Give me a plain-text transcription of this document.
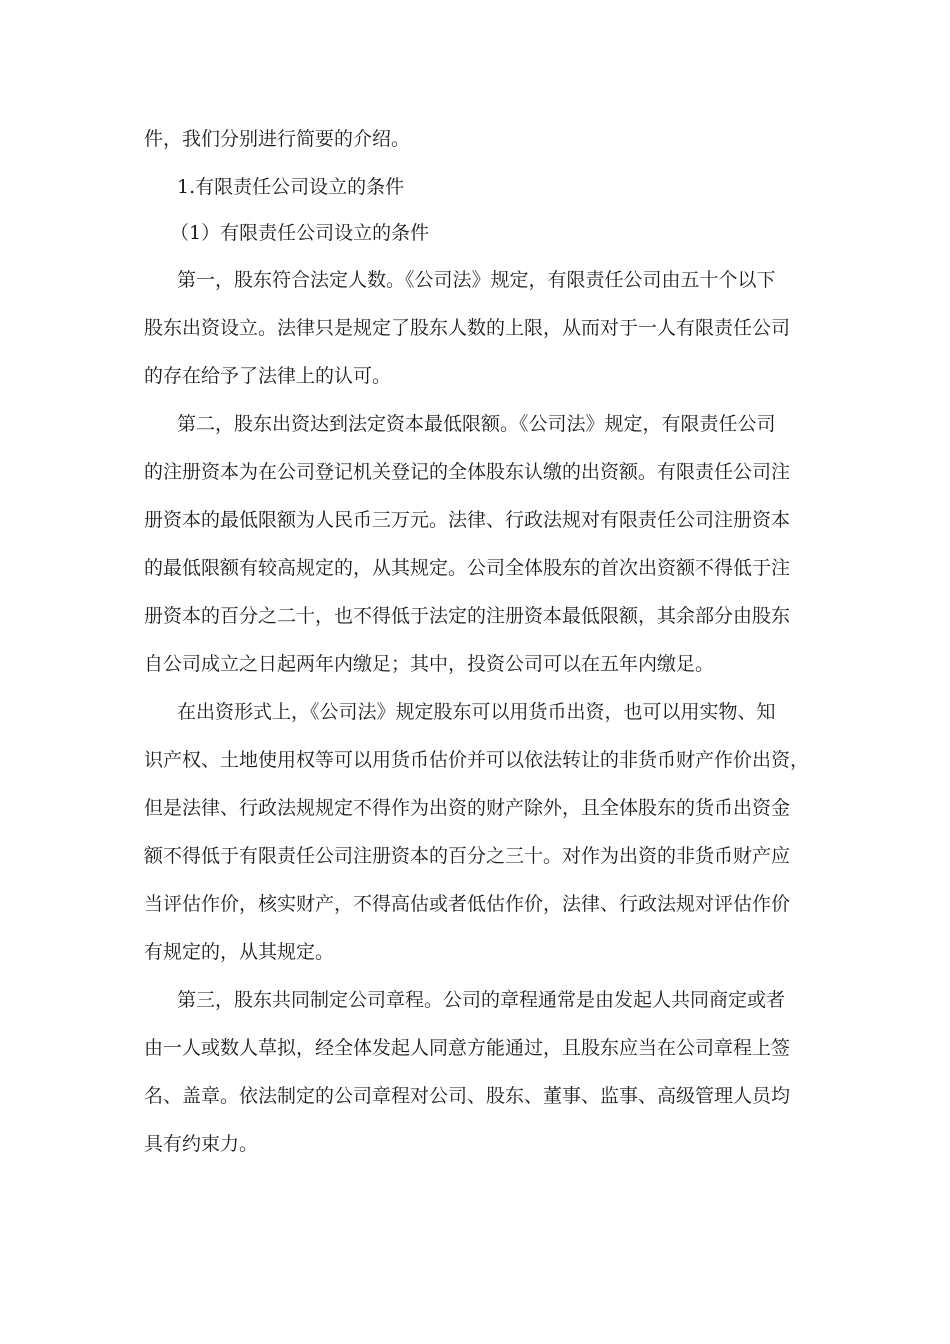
件，我们分别进行简要的介绍。
1.有限责任公司设立的条件
（1）有限责任公司设立的条件
第一，股东符合法定人数。《公司法》规定，有限责任公司由五十个以下
股东出资设立。法律只是规定了股东人数的上限，从而对于一人有限责任公司
的存在给予了法律上的认可。
第二，股东出资达到法定资本最低限额。《公司法》规定，有限责任公司
的注册资本为在公司登记机关登记的全体股东认缴的出资额。有限责任公司注
册资本的最低限额为人民币三万元。法律、行政法规对有限责任公司注册资本
的最低限额有较高规定的，从其规定。公司全体股东的首次出资额不得低于注
册资本的百分之二十，也不得低于法定的注册资本最低限额，其余部分由股东
自公司成立之日起两年内缴足；其中，投资公司可以在五年内缴足。
在出资形式上，《公司法》规定股东可以用货币出资，也可以用实物、知
识产权、土地使用权等可以用货币估价并可以依法转让的非货币财产作价出资，
但是法律、行政法规规定不得作为出资的财产除外，且全体股东的货币出资金
额不得低于有限责任公司注册资本的百分之三十。对作为出资的非货币财产应
当评估作价，核实财产，不得高估或者低估作价，法律、行政法规对评估作价
有规定的，从其规定。
第三，股东共同制定公司章程。公司的章程通常是由发起人共同商定或者
由一人或数人草拟，经全体发起人同意方能通过，且股东应当在公司章程上签
名、盖章。依法制定的公司章程对公司、股东、董事、监事、高级管理人员均
具有约束力。
